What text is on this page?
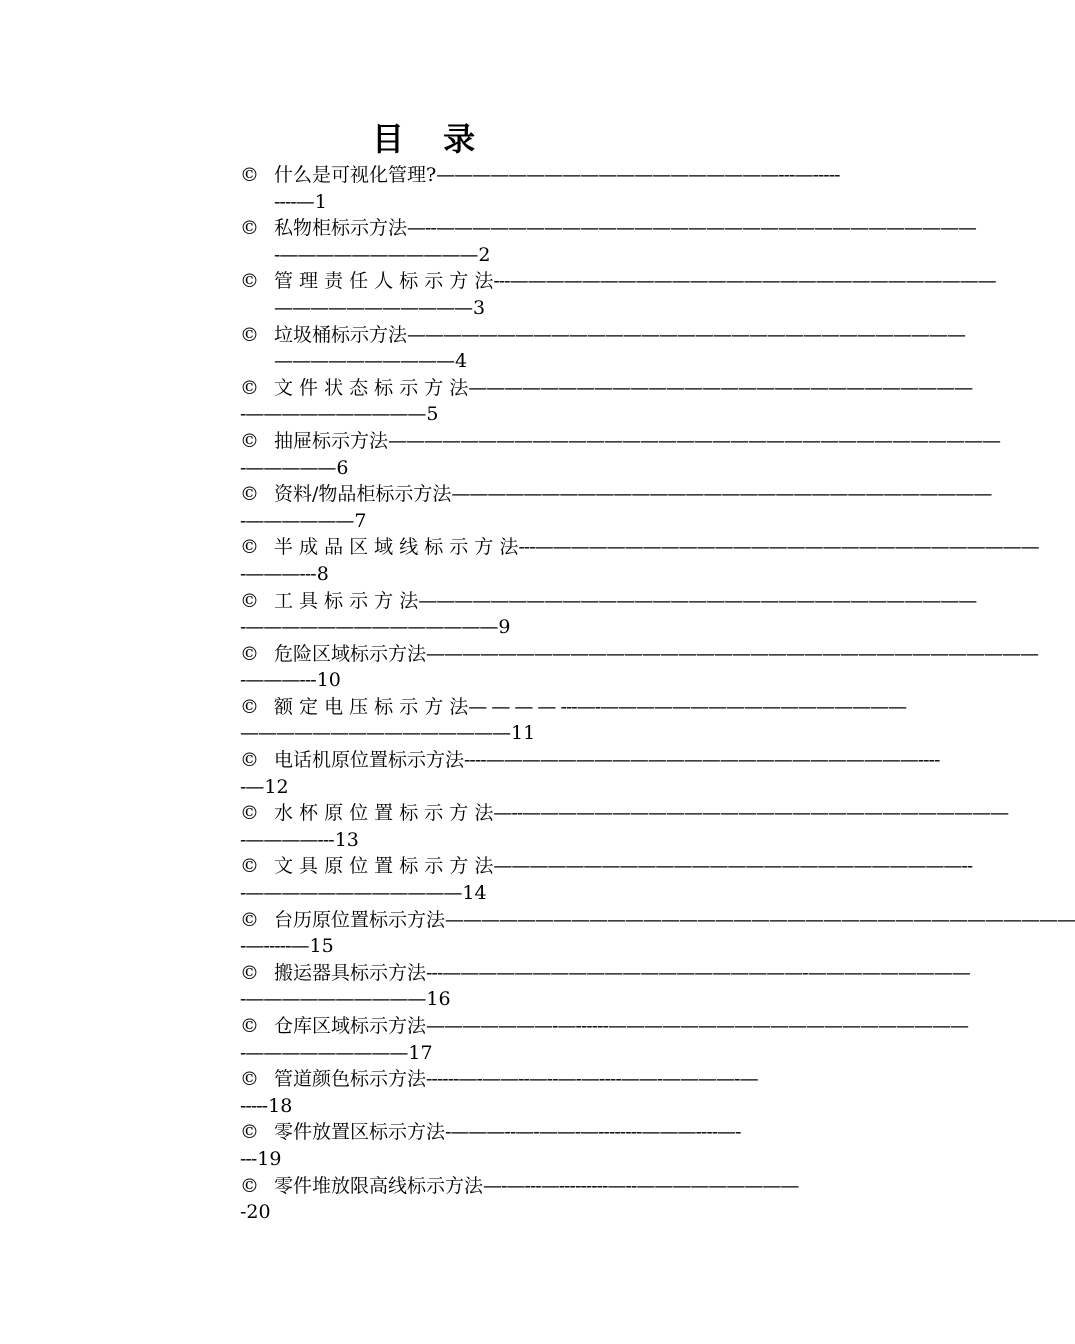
目 录
© 什么是可视化管理? ———————————————————---—-----
----— 1
© 私物柜标示方法 —--——————————————————————————————
-——————————— 2
© 管 理 责 任 人 标 示 方 法 ---———————————————————————————
——————————— 3
© 垃圾桶标示方法 ———————————————————————————————
—————————— 4
© 文 件 状 态 标 示 方 法 ————————————————————————————
-—————————— 5
© 抽屉标示方法 ——————————————————————————————————
-————— 6
© 资料/物品柜标示方法 ——————————————————————————————
-—————— 7
© 半 成 品 区 域 线 标 示 方 法 ---————————————————————————————
-———--- 8
© 工 具 标 示 方 法 ———————————————————————————————
-—————————————— 9
© 危险区域标示方法 ——————————————————————————————————
-———--- 10
© 额 定 电 压 标 示 方 法 — — — — ---—-—————————————————
——————————————— 11
© 电话机原位置标示方法 ----————————————————————————----
-— 12
© 水 杯 原 位 置 标 示 方 法 —--———————————————————————————
-————--- 13
© 文 具 原 位 置 标 示 方 法 ——————————————————————————--
-———————————— 14
© 台历原位置标示方法 ———————————————————————————————————
-—-----— 15
© 搬运器具标示方法 ---————————————————————-—————————
-—————————— 16
© 仓库区域标示方法 ———————-—------————————————————————
-————————— 17
© 管道颜色标示方法 ------—-——--—--—-—----——-————-—
----- 18
© 零件放置区标示方法 -———--—-——-—--------———----—-
--- 19
© 零件堆放限高线标示方法 —-—---—---------—--—————————
- 20
